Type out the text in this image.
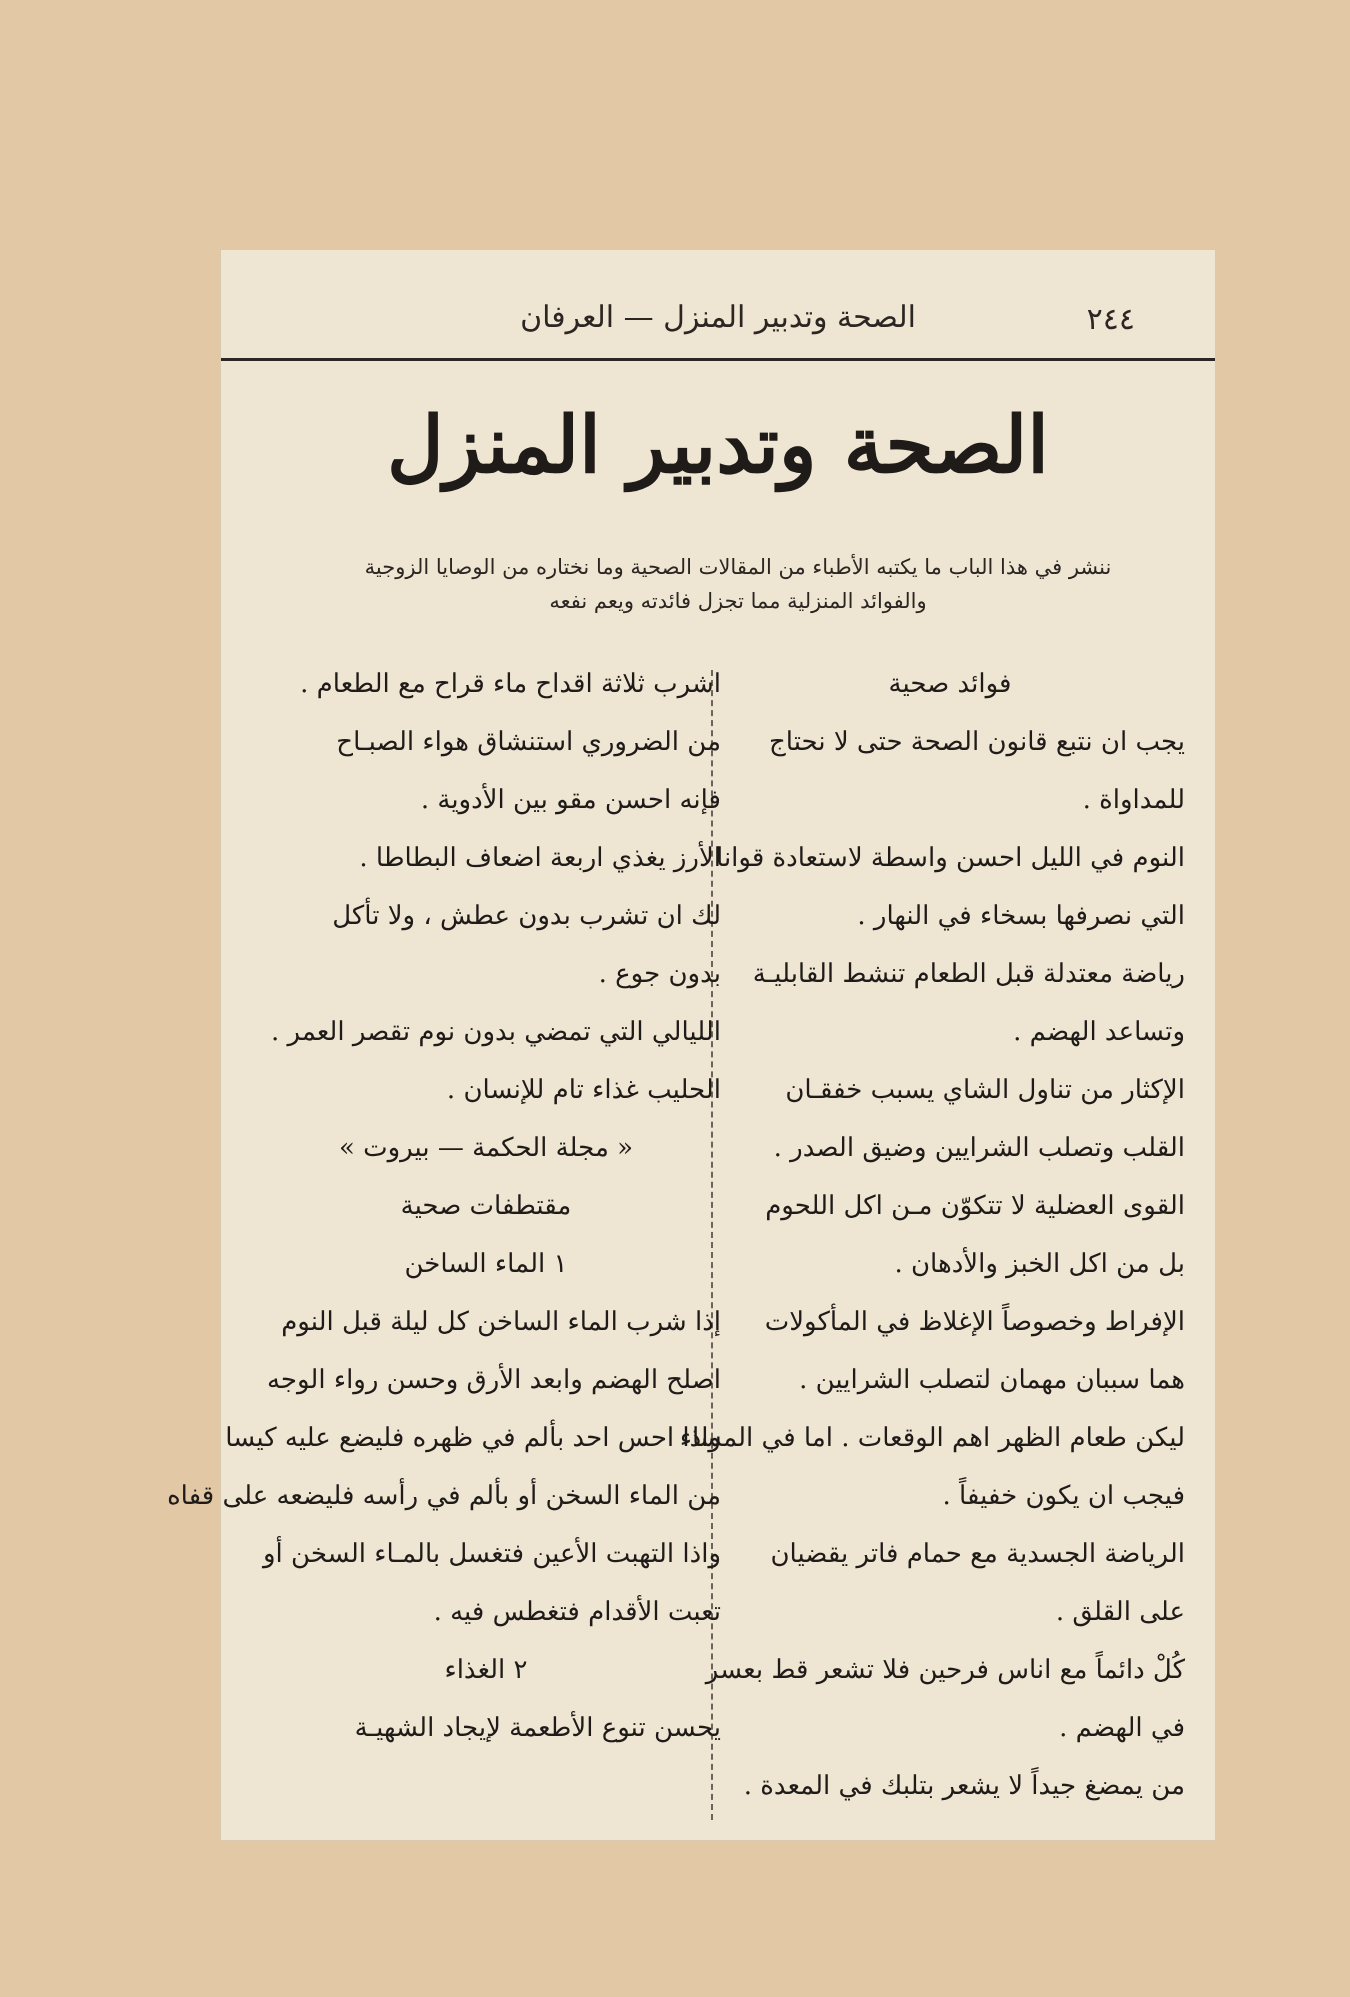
٢٤٤
الصحة وتدبير المنزل — العرفان
الصحة وتدبير المنزل
ننشر في هذا الباب ما يكتبه الأطباء من المقالات الصحية وما نختاره من الوصايا الزوجية
والفوائد المنزلية مما تجزل فائدته ويعم نفعه
فوائد صحية
يجب ان نتبع قانون الصحة حتى لا نحتاج
للمداواة .
النوم في الليل احسن واسطة لاستعادة قوانا
التي نصرفها بسخاء في النهار .
رياضة معتدلة قبل الطعام تنشط القابليـة
وتساعد الهضم .
الإكثار من تناول الشاي يسبب خفقـان
القلب وتصلب الشرايين وضيق الصدر .
القوى العضلية لا تتكوّن مـن اكل اللحوم
بل من اكل الخبز والأدهان .
الإفراط وخصوصاً الإغلاظ في المأكولات
هما سببان مهمان لتصلب الشرايين .
ليكن طعام الظهر اهم الوقعات . اما في المساء
فيجب ان يكون خفيفاً .
الرياضة الجسدية مع حمام فاتر يقضيان
على القلق .
كُلْ دائماً مع اناس فرحين فلا تشعر قط بعسر
في الهضم .
من يمضغ جيداً لا يشعر بتلبك في المعدة .
اشرب ثلاثة اقداح ماء قراح مع الطعام .
من الضروري استنشاق هواء الصبـاح
فإنه احسن مقو بين الأدوية .
الأرز يغذي اربعة اضعاف البطاطا .
لك ان تشرب بدون عطش ، ولا تأكل
بدون جوع .
الليالي التي تمضي بدون نوم تقصر العمر .
الحليب غذاء تام للإنسان .
« مجلة الحكمة — بيروت »
مقتطفات صحية
١ الماء الساخن
إذا شرب الماء الساخن كل ليلة قبل النوم
اصلح الهضم وابعد الأرق وحسن رواء الوجه
واذا احس احد بألم في ظهره فليضع عليه كيسا
من الماء السخن أو بألم في رأسه فليضعه على قفاه
واذا التهبت الأعين فتغسل بالمـاء السخن أو
تعبت الأقدام فتغطس فيه .
٢ الغذاء
يحسن تنوع الأطعمة لإيجاد الشهيـة
